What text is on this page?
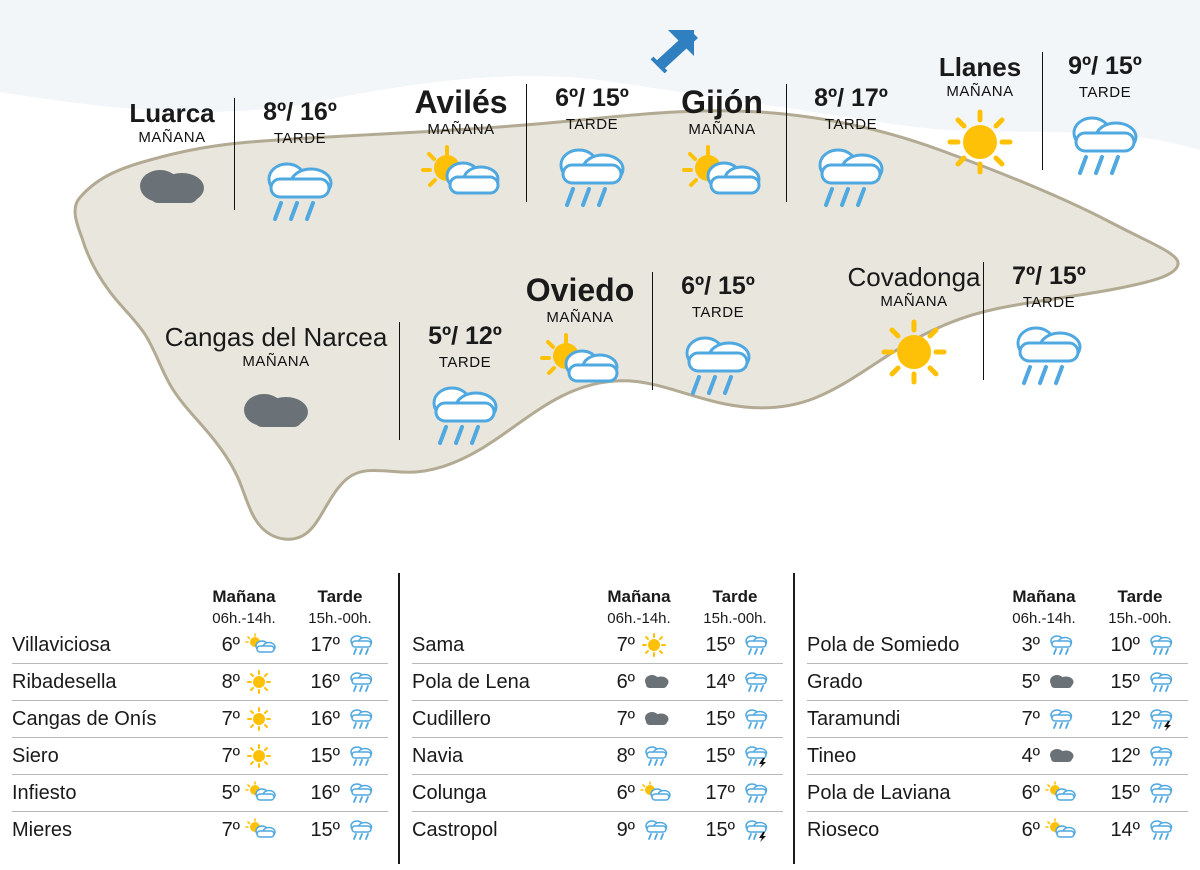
Luarca
MAÑANA
8º/ 16º
TARDE
Avilés
MAÑANA
6º/ 15º
TARDE
Gijón
MAÑANA
8º/ 17º
TARDE
Llanes
MAÑANA
9º/ 15º
TARDE
Cangas del Narcea
MAÑANA
5º/ 12º
TARDE
Oviedo
MAÑANA
6º/ 15º
TARDE
Covadonga
MAÑANA
7º/ 15º
TARDE
Mañana
06h.-14h.
Tarde
15h.-00h.
Villaviciosa	6º		17º	

Ribadesella	8º		16º	

Cangas de Onís	7º		16º	

Siero	7º		15º	

Infiesto	5º		16º	

Mieres	7º		15º	
Mañana
06h.-14h.
Tarde
15h.-00h.
Sama	7º		15º	

Pola de Lena	6º		14º	

Cudillero	7º		15º	

Navia	8º		15º	

Colunga	6º		17º	

Castropol	9º		15º	
Mañana
06h.-14h.
Tarde
15h.-00h.
Pola de Somiedo	3º		10º	

Grado	5º		15º	

Taramundi	7º		12º	

Tineo	4º		12º	

Pola de Laviana	6º		15º	

Rioseco	6º		14º	
